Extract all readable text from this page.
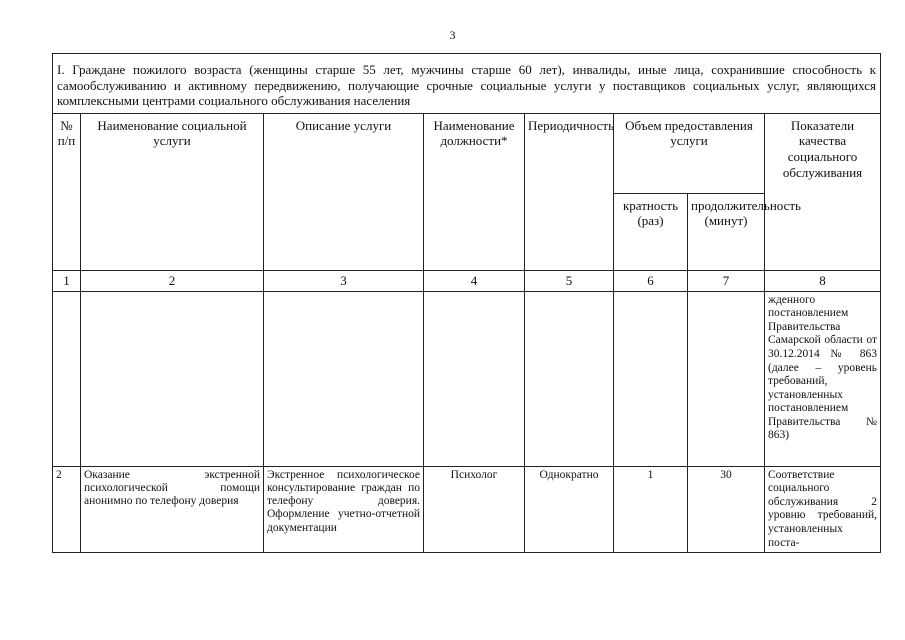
3
I. Граждане пожилого возраста (женщины старше 55 лет, мужчины старше 60 лет), инвалиды, иные лица, сохранившие способность к самообслуживанию и активному передвижению, получающие срочные социальные услуги у поставщиков социальных услуг, являющихся комплексными центрами социального обслуживания населения							
№ п/п	Наименование социальной услуги	Описание услуги	Наименование должности*	Периодичность	Объем предоставления услуги		Показатели качества социального обслуживания
					кратность (раз)	продолжительность (минут)	
1	2	3	4	5	6	7	8
							жденного постановлением Правительства Самарской области от 30.12.2014 № 863 (далее – уровень требований, установленных постановлением Правительства № 863)
2	Оказание экстренной психологической помощи анонимно по телефону доверия	Экстренное психологическое консультирование граждан по телефону доверия. Оформление учетно-отчетной документации	Психолог	Однократно	1	30	Соответствие социального обслуживания 2 уровню требований, установленных поста-
